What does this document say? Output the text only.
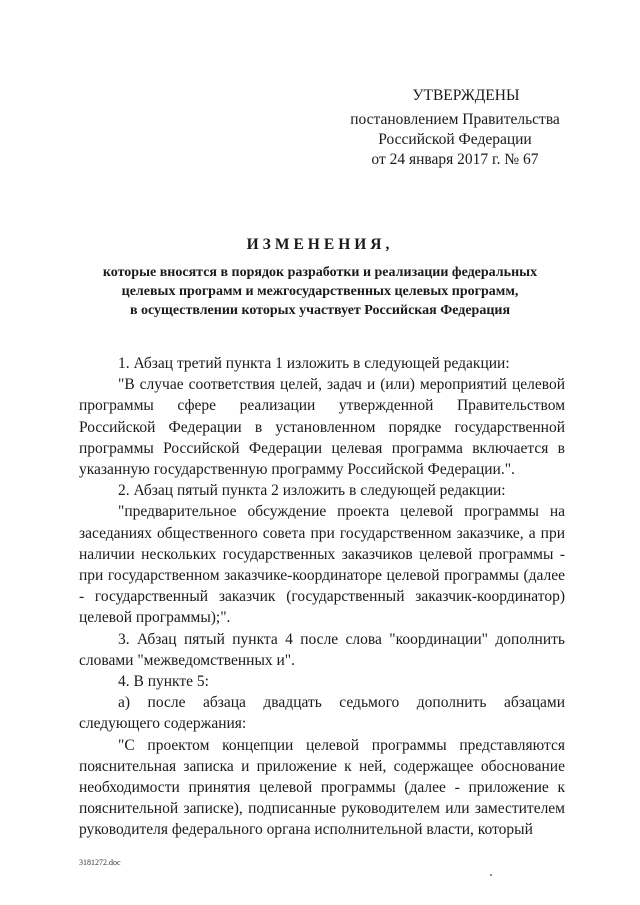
УТВЕРЖДЕНЫ
постановлением Правительства
Российской Федерации
от 24 января 2017 г. № 67
ИЗМЕНЕНИЯ,
которые вносятся в порядок разработки и реализации федеральных
целевых программ и межгосударственных целевых программ,
в осуществлении которых участвует Российская Федерация

1. Абзац третий пункта 1 изложить в следующей редакции:

"В случае соответствия целей, задач и (или) мероприятий целевой программы сфере реализации утвержденной Правительством Российской Федерации в установленном порядке государственной программы Российской Федерации целевая программа включается в указанную государственную программу Российской Федерации.".

2. Абзац пятый пункта 2 изложить в следующей редакции:

"предварительное обсуждение проекта целевой программы на заседаниях общественного совета при государственном заказчике, а при наличии нескольких государственных заказчиков целевой программы - при государственном заказчике-координаторе целевой программы (далее - государственный заказчик (государственный заказчик-координатор) целевой программы);".

3. Абзац пятый пункта 4 после слова "координации" дополнить словами "межведомственных и".

4. В пункте 5:

а) после абзаца двадцать седьмого дополнить абзацами следующего содержания:

"С проектом концепции целевой программы представляются пояснительная записка и приложение к ней, содержащее обоснование необходимости принятия целевой программы (далее - приложение к пояснительной записке), подписанные руководителем или заместителем руководителя федерального органа исполнительной власти, который

3181272.doc
